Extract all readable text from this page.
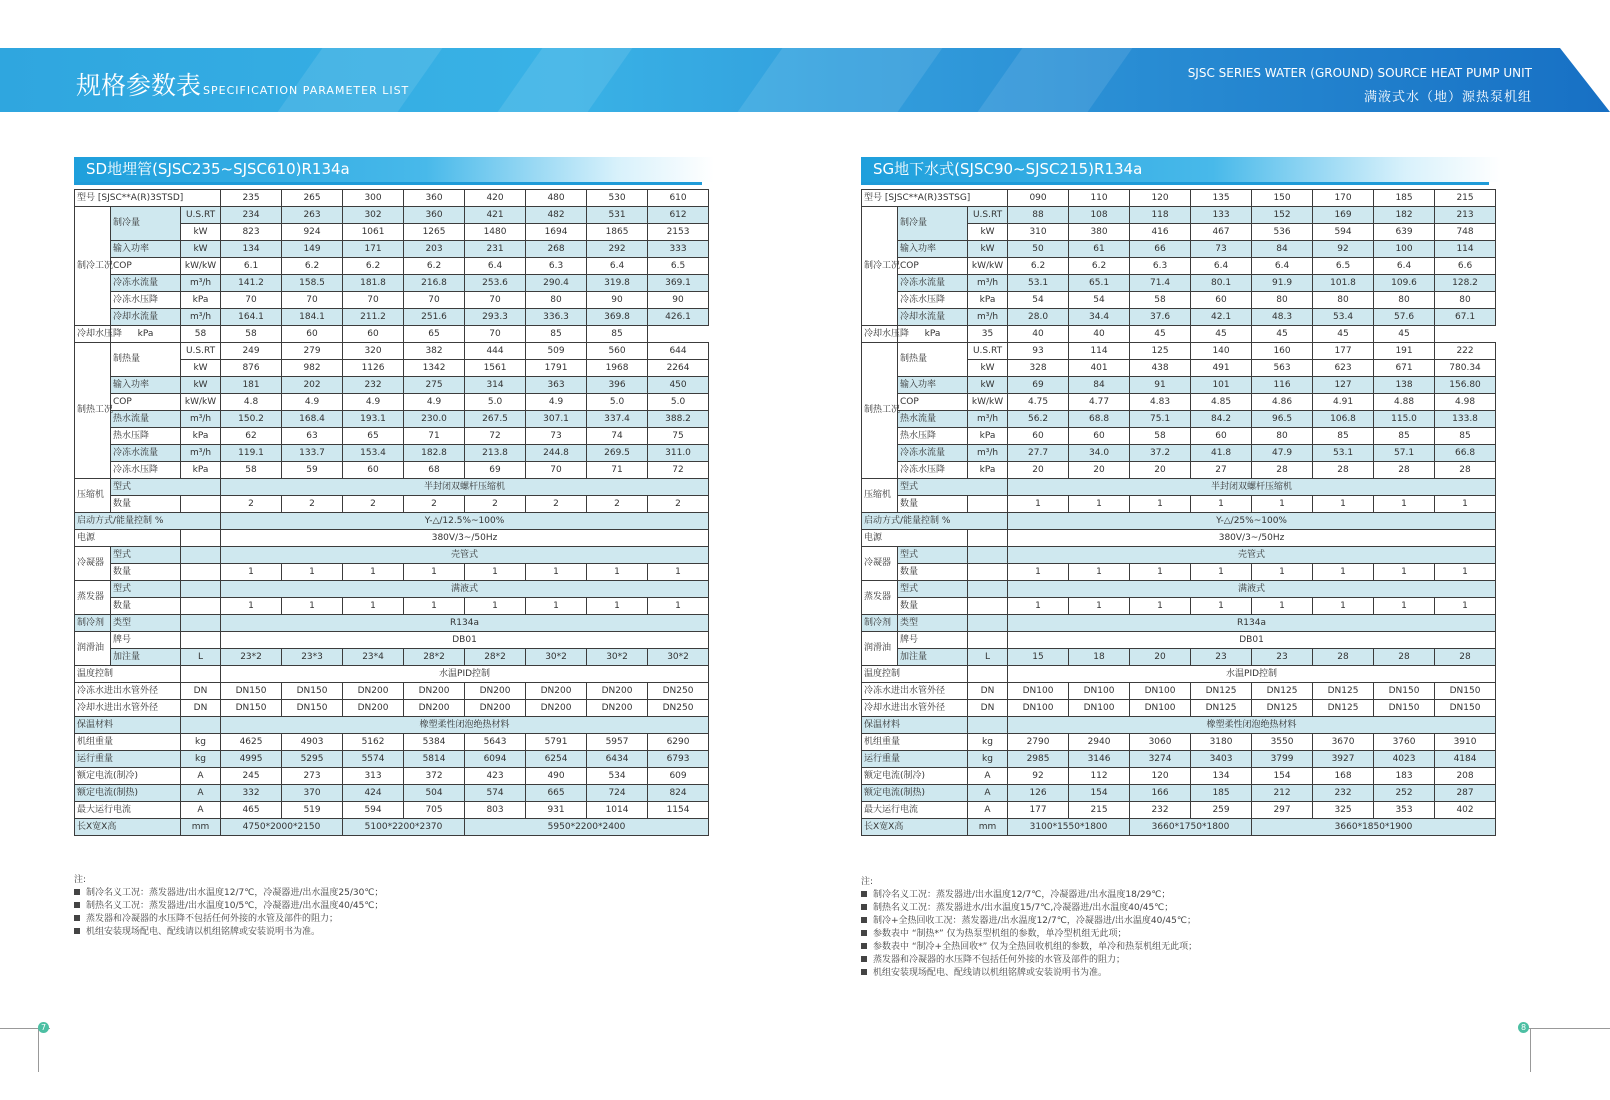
规格参数表 SPECIFICATION PARAMETER LIST
SJSC SERIES WATER (GROUND) SOURCE HEAT PUMP UNIT
满液式水（地）源热泵机组
SD地埋管(SJSC235~SJSC610)R134a	SG地下水式(SJSC90~SJSC215)R134a
型号 [SJSC**A(R)3STSD]			235	265	300	360	420	480	530	610
制冷工况	制冷量	U.S.RT	234	263	302	360	421	482	531	612
		kW	823	924	1061	1265	1480	1694	1865	2153
	输入功率	kW	134	149	171	203	231	268	292	333
	COP	kW/kW	6.1	6.2	6.2	6.2	6.4	6.3	6.4	6.5
	冷冻水流量	m³/h	141.2	158.5	181.8	216.8	253.6	290.4	319.8	369.1
	冷冻水压降	kPa	70	70	70	70	70	80	90	90
	冷却水流量	m³/h	164.1	184.1	211.2	251.6	293.3	336.3	369.8	426.1
冷却水压降	kPa	58	58	60	60	65	70	85	85	
制热工况	制热量	U.S.RT	249	279	320	382	444	509	560	644
		kW	876	982	1126	1342	1561	1791	1968	2264
	输入功率	kW	181	202	232	275	314	363	396	450
	COP	kW/kW	4.8	4.9	4.9	4.9	5.0	4.9	5.0	5.0
	热水流量	m³/h	150.2	168.4	193.1	230.0	267.5	307.1	337.4	388.2
	热水压降	kPa	62	63	65	71	72	73	74	75
	冷冻水流量	m³/h	119.1	133.7	153.4	182.8	213.8	244.8	269.5	311.0
	冷冻水压降	kPa	58	59	60	68	69	70	71	72
压缩机	型式		半封闭双螺杆压缩机							
	数量		2	2	2	2	2	2	2	2
启动方式/能量控制 %			Y-△/12.5%~100%							
电源			380V/3~/50Hz							
冷凝器	型式		壳管式							
	数量		1	1	1	1	1	1	1	1
蒸发器	型式		满液式							
	数量		1	1	1	1	1	1	1	1
制冷剂	类型		R134a							
润滑油	牌号		DB01							
	加注量	L	23*2	23*3	23*4	28*2	28*2	30*2	30*2	30*2
温度控制			水温PID控制							
冷冻水进出水管外径		DN	DN150	DN150	DN200	DN200	DN200	DN200	DN200	DN250
冷却水进出水管外径		DN	DN150	DN150	DN200	DN200	DN200	DN200	DN200	DN250
保温材料			橡塑柔性闭泡绝热材料							
机组重量		kg	4625	4903	5162	5384	5643	5791	5957	6290
运行重量		kg	4995	5295	5574	5814	6094	6254	6434	6793
额定电流(制冷)		A	245	273	313	372	423	490	534	609
额定电流(制热)		A	332	370	424	504	574	665	724	824
最大运行电流		A	465	519	594	705	803	931	1014	1154
长X宽X高		mm	4750*2000*2150		5100*2200*2370		5950*2200*2400			
型号 [SJSC**A(R)3STSG]			090	110	120	135	150	170	185	215
制冷工况	制冷量	U.S.RT	88	108	118	133	152	169	182	213
		kW	310	380	416	467	536	594	639	748
	输入功率	kW	50	61	66	73	84	92	100	114
	COP	kW/kW	6.2	6.2	6.3	6.4	6.4	6.5	6.4	6.6
	冷冻水流量	m³/h	53.1	65.1	71.4	80.1	91.9	101.8	109.6	128.2
	冷冻水压降	kPa	54	54	58	60	80	80	80	80
	冷却水流量	m³/h	28.0	34.4	37.6	42.1	48.3	53.4	57.6	67.1
冷却水压降	kPa	35	40	40	45	45	45	45	45	
制热工况	制热量	U.S.RT	93	114	125	140	160	177	191	222
		kW	328	401	438	491	563	623	671	780.34
	输入功率	kW	69	84	91	101	116	127	138	156.80
	COP	kW/kW	4.75	4.77	4.83	4.85	4.86	4.91	4.88	4.98
	热水流量	m³/h	56.2	68.8	75.1	84.2	96.5	106.8	115.0	133.8
	热水压降	kPa	60	60	58	60	80	85	85	85
	冷冻水流量	m³/h	27.7	34.0	37.2	41.8	47.9	53.1	57.1	66.8
	冷冻水压降	kPa	20	20	20	27	28	28	28	28
压缩机	型式		半封闭双螺杆压缩机							
	数量		1	1	1	1	1	1	1	1
启动方式/能量控制 %			Y-△/25%~100%							
电源			380V/3~/50Hz							
冷凝器	型式		壳管式							
	数量		1	1	1	1	1	1	1	1
蒸发器	型式		满液式							
	数量		1	1	1	1	1	1	1	1
制冷剂	类型		R134a							
润滑油	牌号		DB01							
	加注量	L	15	18	20	23	23	28	28	28
温度控制			水温PID控制							
冷冻水进出水管外径		DN	DN100	DN100	DN100	DN125	DN125	DN125	DN150	DN150
冷却水进出水管外径		DN	DN100	DN100	DN100	DN125	DN125	DN125	DN150	DN150
保温材料			橡塑柔性闭泡绝热材料							
机组重量		kg	2790	2940	3060	3180	3550	3670	3760	3910
运行重量		kg	2985	3146	3274	3403	3799	3927	4023	4184
额定电流(制冷)		A	92	112	120	134	154	168	183	208
额定电流(制热)		A	126	154	166	185	212	232	252	287
最大运行电流		A	177	215	232	259	297	325	353	402
长X宽X高		mm	3100*1550*1800		3660*1750*1800		3660*1850*1900			
注:
制冷名义工况：蒸发器进/出水温度12/7℃，冷凝器进/出水温度25/30℃；
制热名义工况：蒸发器进/出水温度10/5℃，冷凝器进/出水温度40/45℃；
蒸发器和冷凝器的水压降不包括任何外接的水管及部件的阻力；
机组安装现场配电、配线请以机组铭牌或安装说明书为准。
注:
制冷名义工况：蒸发器进/出水温度12/7℃，冷凝器进/出水温度18/29℃；
制热名义工况：蒸发器进水/出水温度15/7℃,冷凝器进/出水温度40/45℃；
制冷+全热回收工况：蒸发器进/出水温度12/7℃，冷凝器进/出水温度40/45℃；
参数表中 “制热*” 仅为热泵型机组的参数，单冷型机组无此项；
参数表中 “制冷+全热回收*” 仅为全热回收机组的参数，单冷和热泵机组无此项；
蒸发器和冷凝器的水压降不包括任何外接的水管及部件的阻力；
机组安装现场配电、配线请以机组铭牌或安装说明书为准。
7	8
